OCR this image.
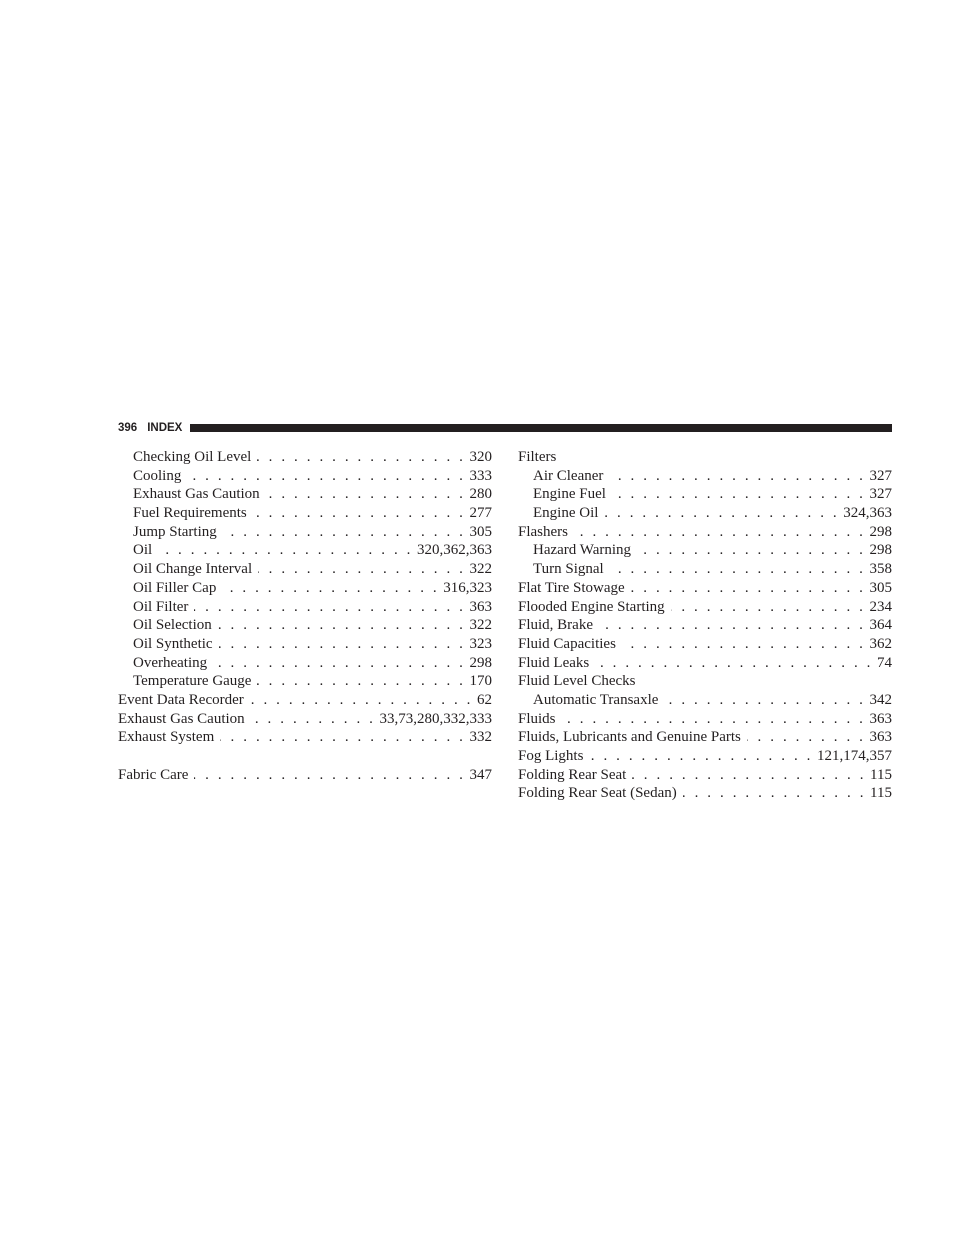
396 INDEX
Checking Oil Level . . .	320
Cooling . . .	333
Exhaust Gas Caution . . .	280
Fuel Requirements . . .	277
Jump Starting . . .	305
Oil . . .	320,362,363
Oil Change Interval . . .	322
Oil Filler Cap . . .	316,323
Oil Filter . . .	363
Oil Selection . . .	322
Oil Synthetic . . .	323
Overheating . . .	298
Temperature Gauge . . .	170
Event Data Recorder . . .	62
Exhaust Gas Caution . . .	33,73,280,332,333
Exhaust System . . .	332
Fabric Care . . .	347
Filters
Air Cleaner . . .	327
Engine Fuel . . .	327
Engine Oil . . .	324,363
Flashers . . .	298
Hazard Warning . . .	298
Turn Signal . . .	358
Flat Tire Stowage . . .	305
Flooded Engine Starting . . .	234
Fluid, Brake . . .	364
Fluid Capacities . . .	362
Fluid Leaks . . .	74
Fluid Level Checks
Automatic Transaxle . . .	342
Fluids . . .	363
Fluids, Lubricants and Genuine Parts . . .	363
Fog Lights . . .	121,174,357
Folding Rear Seat . . .	115
Folding Rear Seat (Sedan) . . .	115
